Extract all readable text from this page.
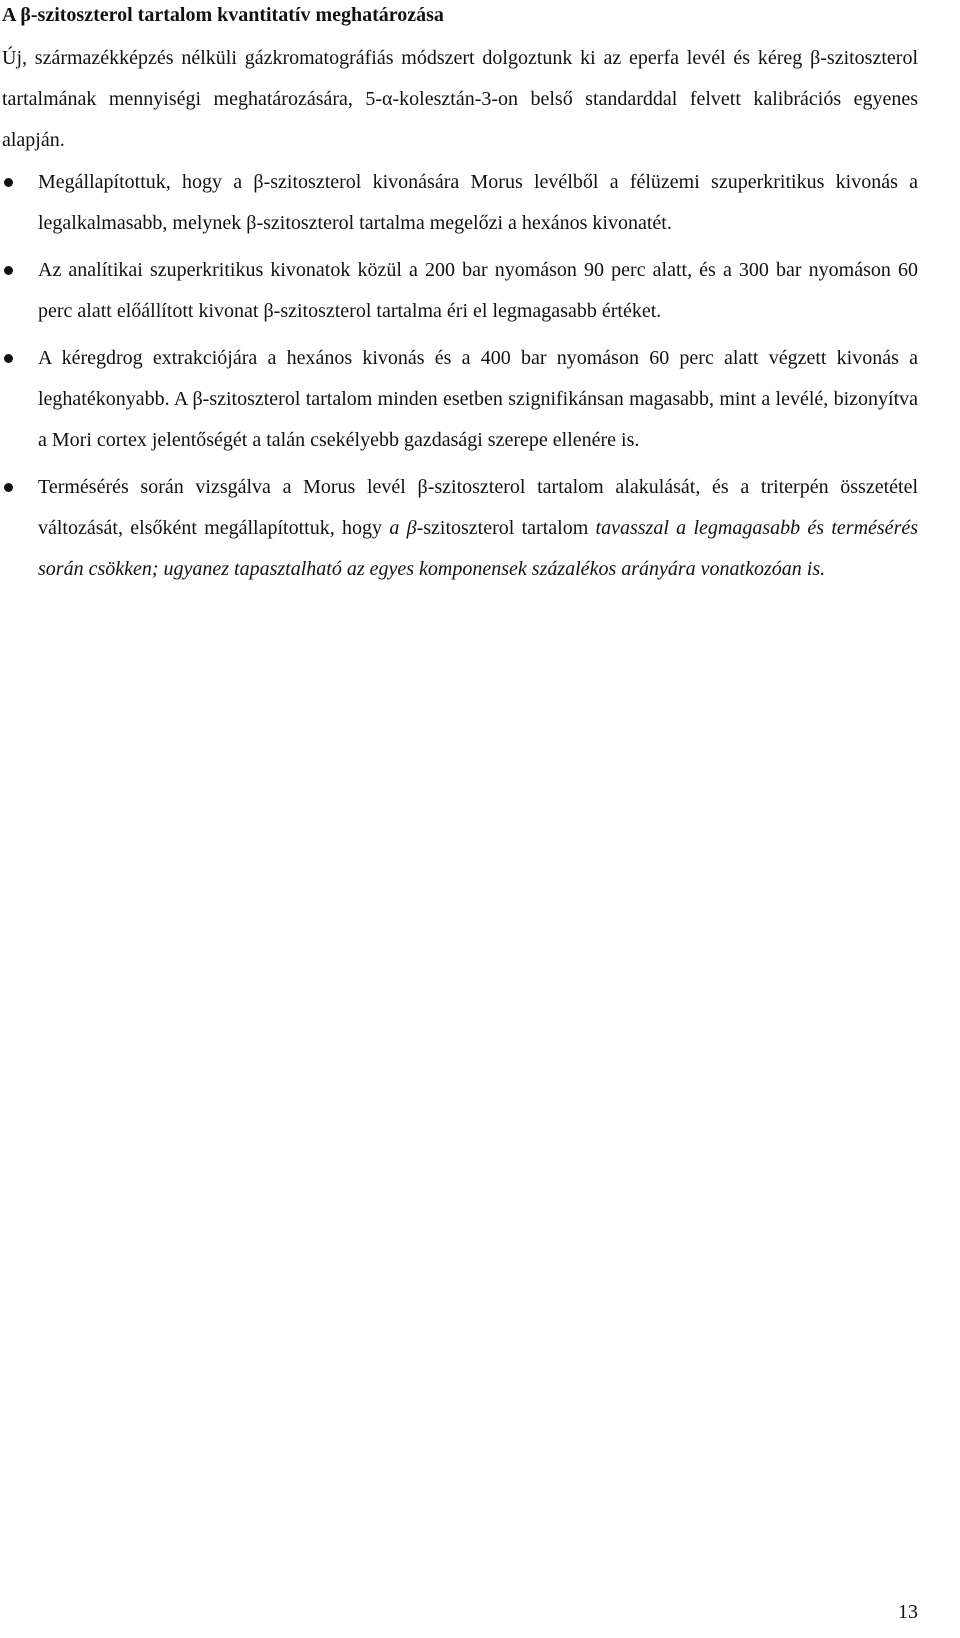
A β-szitoszterol tartalom kvantitatív meghatározása

Új, származékképzés nélküli gázkromatográfiás módszert dolgoztunk ki az eperfa levél és kéreg β-szitoszterol tartalmának mennyiségi meghatározására, 5-α-kolesztán-3-on belső standarddal felvett kalibrációs egyenes alapján.

Megállapítottuk, hogy a β-szitoszterol kivonására Morus levélből a félüzemi szuperkritikus kivonás a legalkalmasabb, melynek β-szitoszterol tartalma megelőzi a hexános kivonatét.
Az analítikai szuperkritikus kivonatok közül a 200 bar nyomáson 90 perc alatt, és a 300 bar nyomáson 60 perc alatt előállított kivonat β-szitoszterol tartalma éri el legmagasabb értéket.
A kéregdrog extrakciójára a hexános kivonás és a 400 bar nyomáson 60 perc alatt végzett kivonás a leghatékonyabb. A β-szitoszterol tartalom minden esetben szignifikánsan magasabb, mint a levélé, bizonyítva a Mori cortex jelentőségét a talán csekélyebb gazdasági szerepe ellenére is.
Termésérés során vizsgálva a Morus levél β-szitoszterol tartalom alakulását, és a triterpén összetétel változását, elsőként megállapítottuk, hogy a β-szitoszterol tartalom tavasszal a legmagasabb és termésérés során csökken; ugyanez tapasztalható az egyes komponensek százalékos arányára vonatkozóan is.
13
